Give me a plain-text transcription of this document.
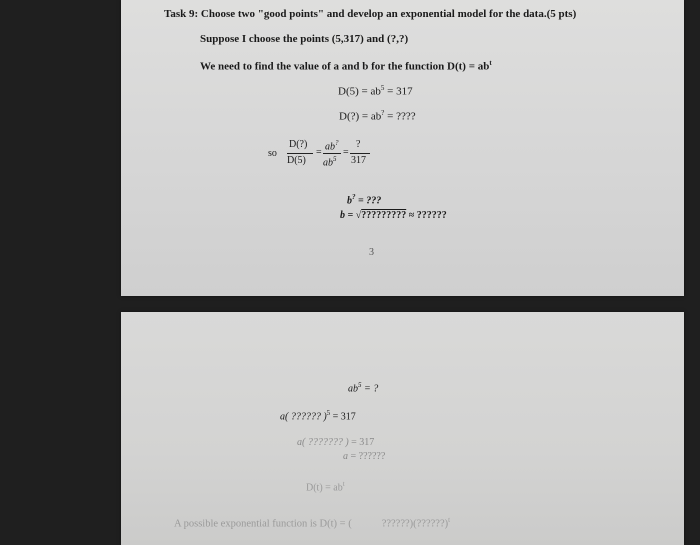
Task 9: Choose two "good points" and develop an exponential model for the data.(5 pts)
Suppose I choose the points (5,317) and (?,?)
We need to find the value of a and b for the function $D(t) = ab^t$
$D(5) = ab^5 = 317$
D(?) = ab? = ????
so
D(?)
D(5)
=
ab?
$ab^5$
=
?
317
b? = ???
b = √????????? ≈ ??????
3
$ab^5$ = ?
a( ?????? )$^5$ = 317
a( ??????? ) = 317
a = ??????
$D(t) = ab^t$
A possible exponential function is D(t) = (	??????)(??????)$^t$
